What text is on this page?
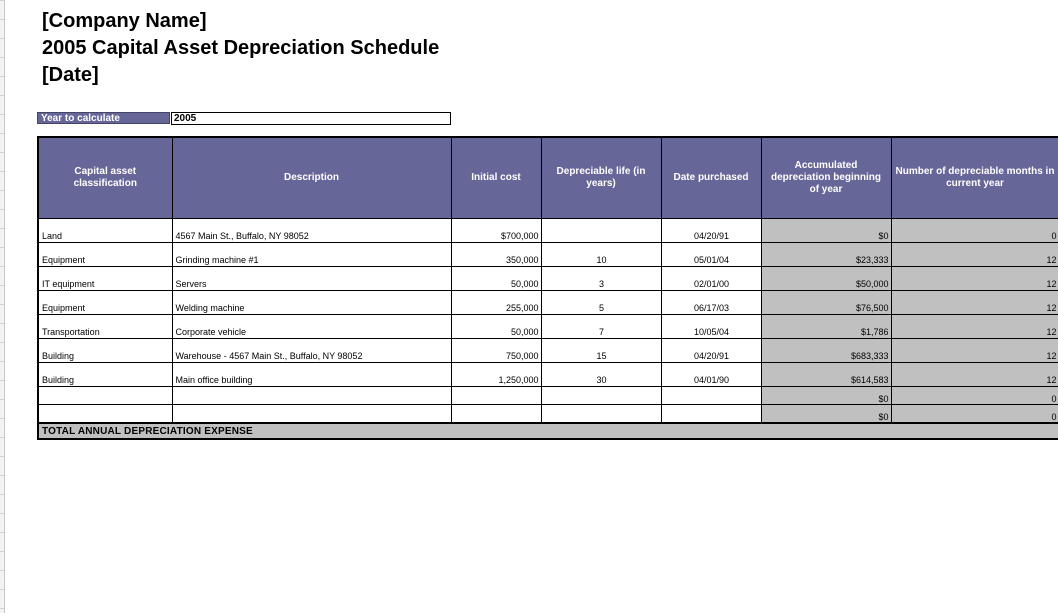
[Company Name]
2005 Capital Asset Depreciation Schedule
[Date]
Year to calculate	2005
Capital asset classification	Description	Initial cost	Depreciable life (in years)	Date purchased	Accumulated depreciation beginning of year	Number of depreciable months in current year
Land	4567 Main St., Buffalo, NY 98052	$700,000		04/20/91	$0	0
Equipment	Grinding machine #1	350,000	10	05/01/04	$23,333	12
IT equipment	Servers	50,000	3	02/01/00	$50,000	12
Equipment	Welding machine	255,000	5	06/17/03	$76,500	12
Transportation	Corporate vehicle	50,000	7	10/05/04	$1,786	12
Building	Warehouse - 4567 Main St., Buffalo, NY 98052	750,000	15	04/20/91	$683,333	12
Building	Main office building	1,250,000	30	04/01/90	$614,583	12
					$0	0
					$0	0
TOTAL ANNUAL DEPRECIATION EXPENSE						
